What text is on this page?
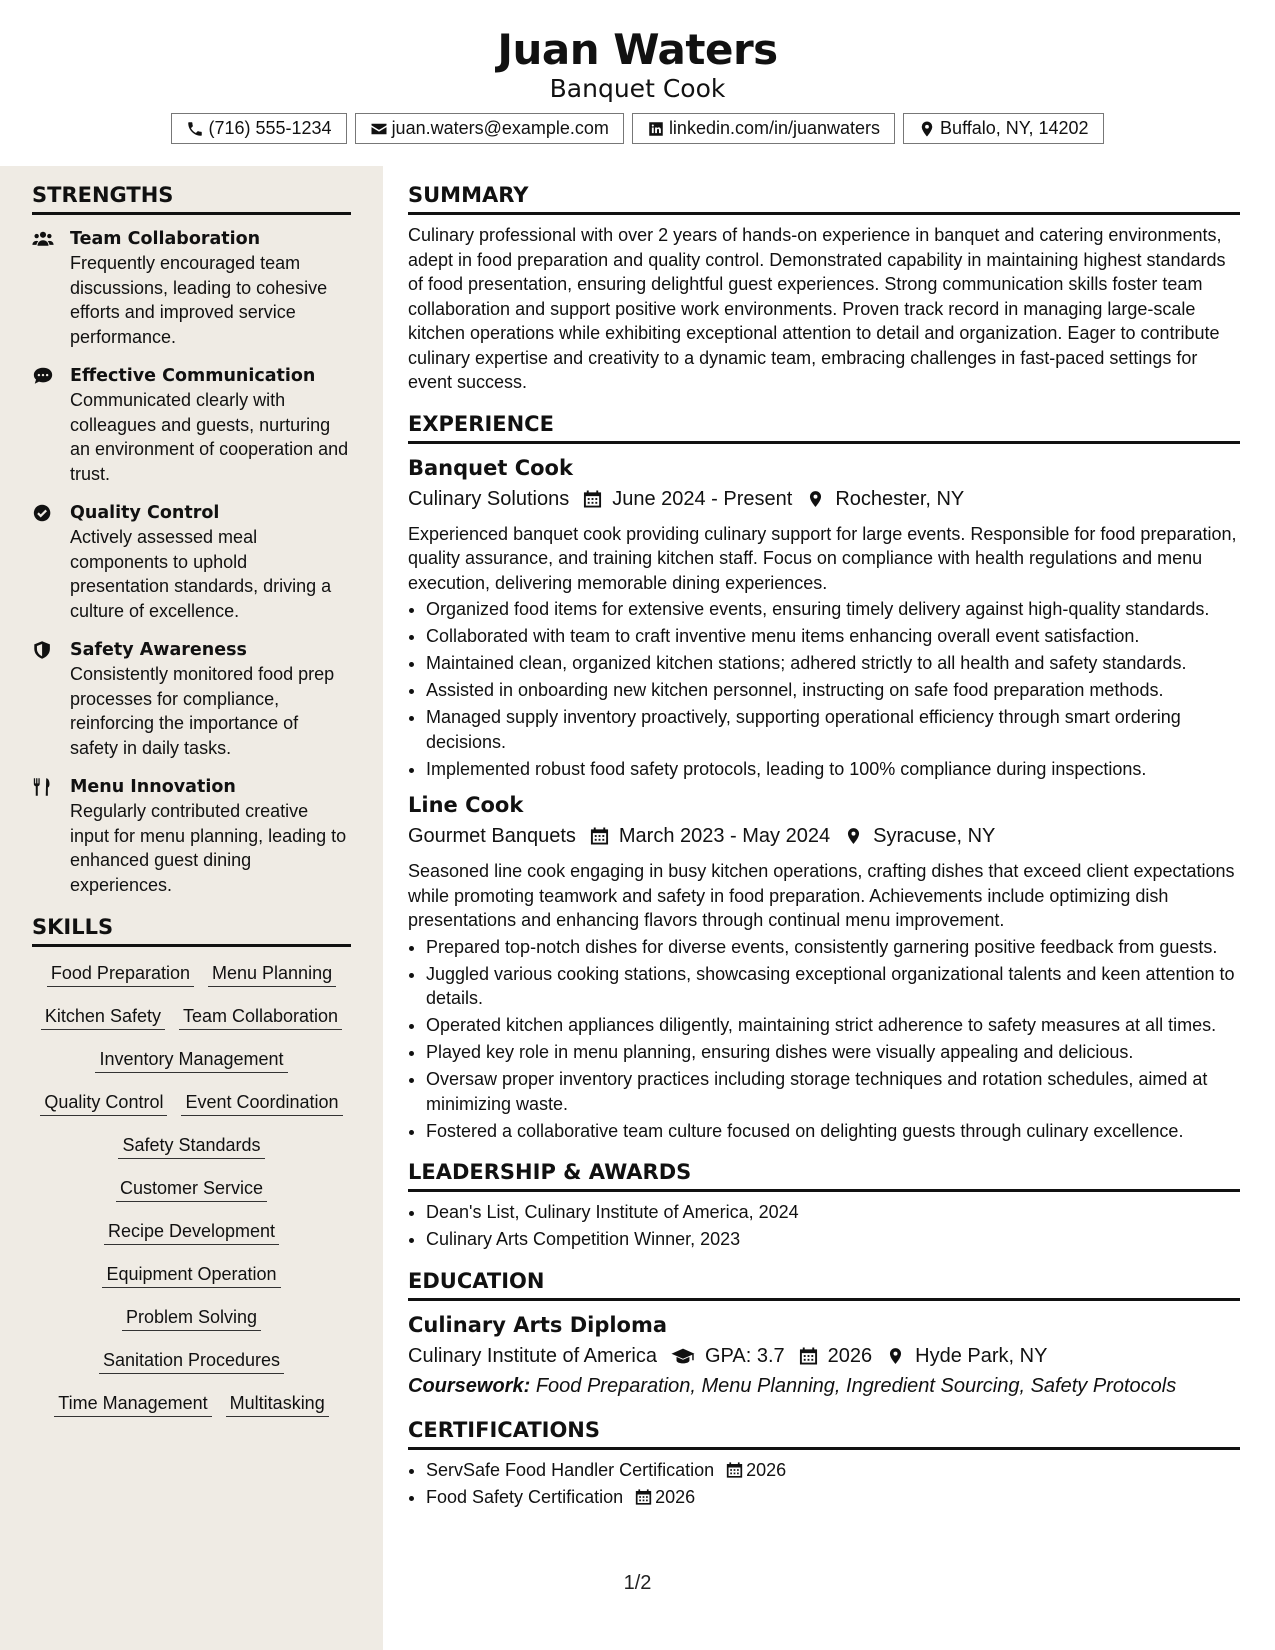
Juan Waters
Banquet Cook
(716) 555-1234	juan.waters@example.com	linkedin.com/in/juanwaters	Buffalo, NY, 14202
STRENGTHS
Team Collaboration
Frequently encouraged team discussions, leading to cohesive efforts and improved service performance.
Effective Communication
Communicated clearly with colleagues and guests, nurturing an environment of cooperation and trust.
Quality Control
Actively assessed meal components to uphold presentation standards, driving a culture of excellence.
Safety Awareness
Consistently monitored food prep processes for compliance, reinforcing the importance of safety in daily tasks.
Menu Innovation
Regularly contributed creative input for menu planning, leading to enhanced guest dining experiences.
SKILLS
Food Preparation Menu Planning
Kitchen Safety Team Collaboration
Inventory Management
Quality Control Event Coordination
Safety Standards
Customer Service
Recipe Development
Equipment Operation
Problem Solving
Sanitation Procedures
Time Management Multitasking
SUMMARY
Culinary professional with over 2 years of hands-on experience in banquet and catering environments, adept in food preparation and quality control. Demonstrated capability in maintaining highest standards of food presentation, ensuring delightful guest experiences. Strong communication skills foster team collaboration and support positive work environments. Proven track record in managing large-scale kitchen operations while exhibiting exceptional attention to detail and organization. Eager to contribute culinary expertise and creativity to a dynamic team, embracing challenges in fast-paced settings for event success.
EXPERIENCE
Banquet Cook
Culinary Solutions June 2024 - Present Rochester, NY
Experienced banquet cook providing culinary support for large events. Responsible for food preparation, quality assurance, and training kitchen staff. Focus on compliance with health regulations and menu execution, delivering memorable dining experiences.
• Organized food items for extensive events, ensuring timely delivery against high-quality standards.
• Collaborated with team to craft inventive menu items enhancing overall event satisfaction.
• Maintained clean, organized kitchen stations; adhered strictly to all health and safety standards.
• Assisted in onboarding new kitchen personnel, instructing on safe food preparation methods.
• Managed supply inventory proactively, supporting operational efficiency through smart ordering decisions.
• Implemented robust food safety protocols, leading to 100% compliance during inspections.
Line Cook
Gourmet Banquets March 2023 - May 2024 Syracuse, NY
Seasoned line cook engaging in busy kitchen operations, crafting dishes that exceed client expectations while promoting teamwork and safety in food preparation. Achievements include optimizing dish presentations and enhancing flavors through continual menu improvement.
• Prepared top-notch dishes for diverse events, consistently garnering positive feedback from guests.
• Juggled various cooking stations, showcasing exceptional organizational talents and keen attention to details.
• Operated kitchen appliances diligently, maintaining strict adherence to safety measures at all times.
• Played key role in menu planning, ensuring dishes were visually appealing and delicious.
• Oversaw proper inventory practices including storage techniques and rotation schedules, aimed at minimizing waste.
• Fostered a collaborative team culture focused on delighting guests through culinary excellence.
LEADERSHIP & AWARDS
• Dean's List, Culinary Institute of America, 2024
• Culinary Arts Competition Winner, 2023
EDUCATION
Culinary Arts Diploma
Culinary Institute of America GPA: 3.7 2026 Hyde Park, NY
Coursework: Food Preparation, Menu Planning, Ingredient Sourcing, Safety Protocols
CERTIFICATIONS
• ServSafe Food Handler Certification 2026
• Food Safety Certification 2026
1/2
